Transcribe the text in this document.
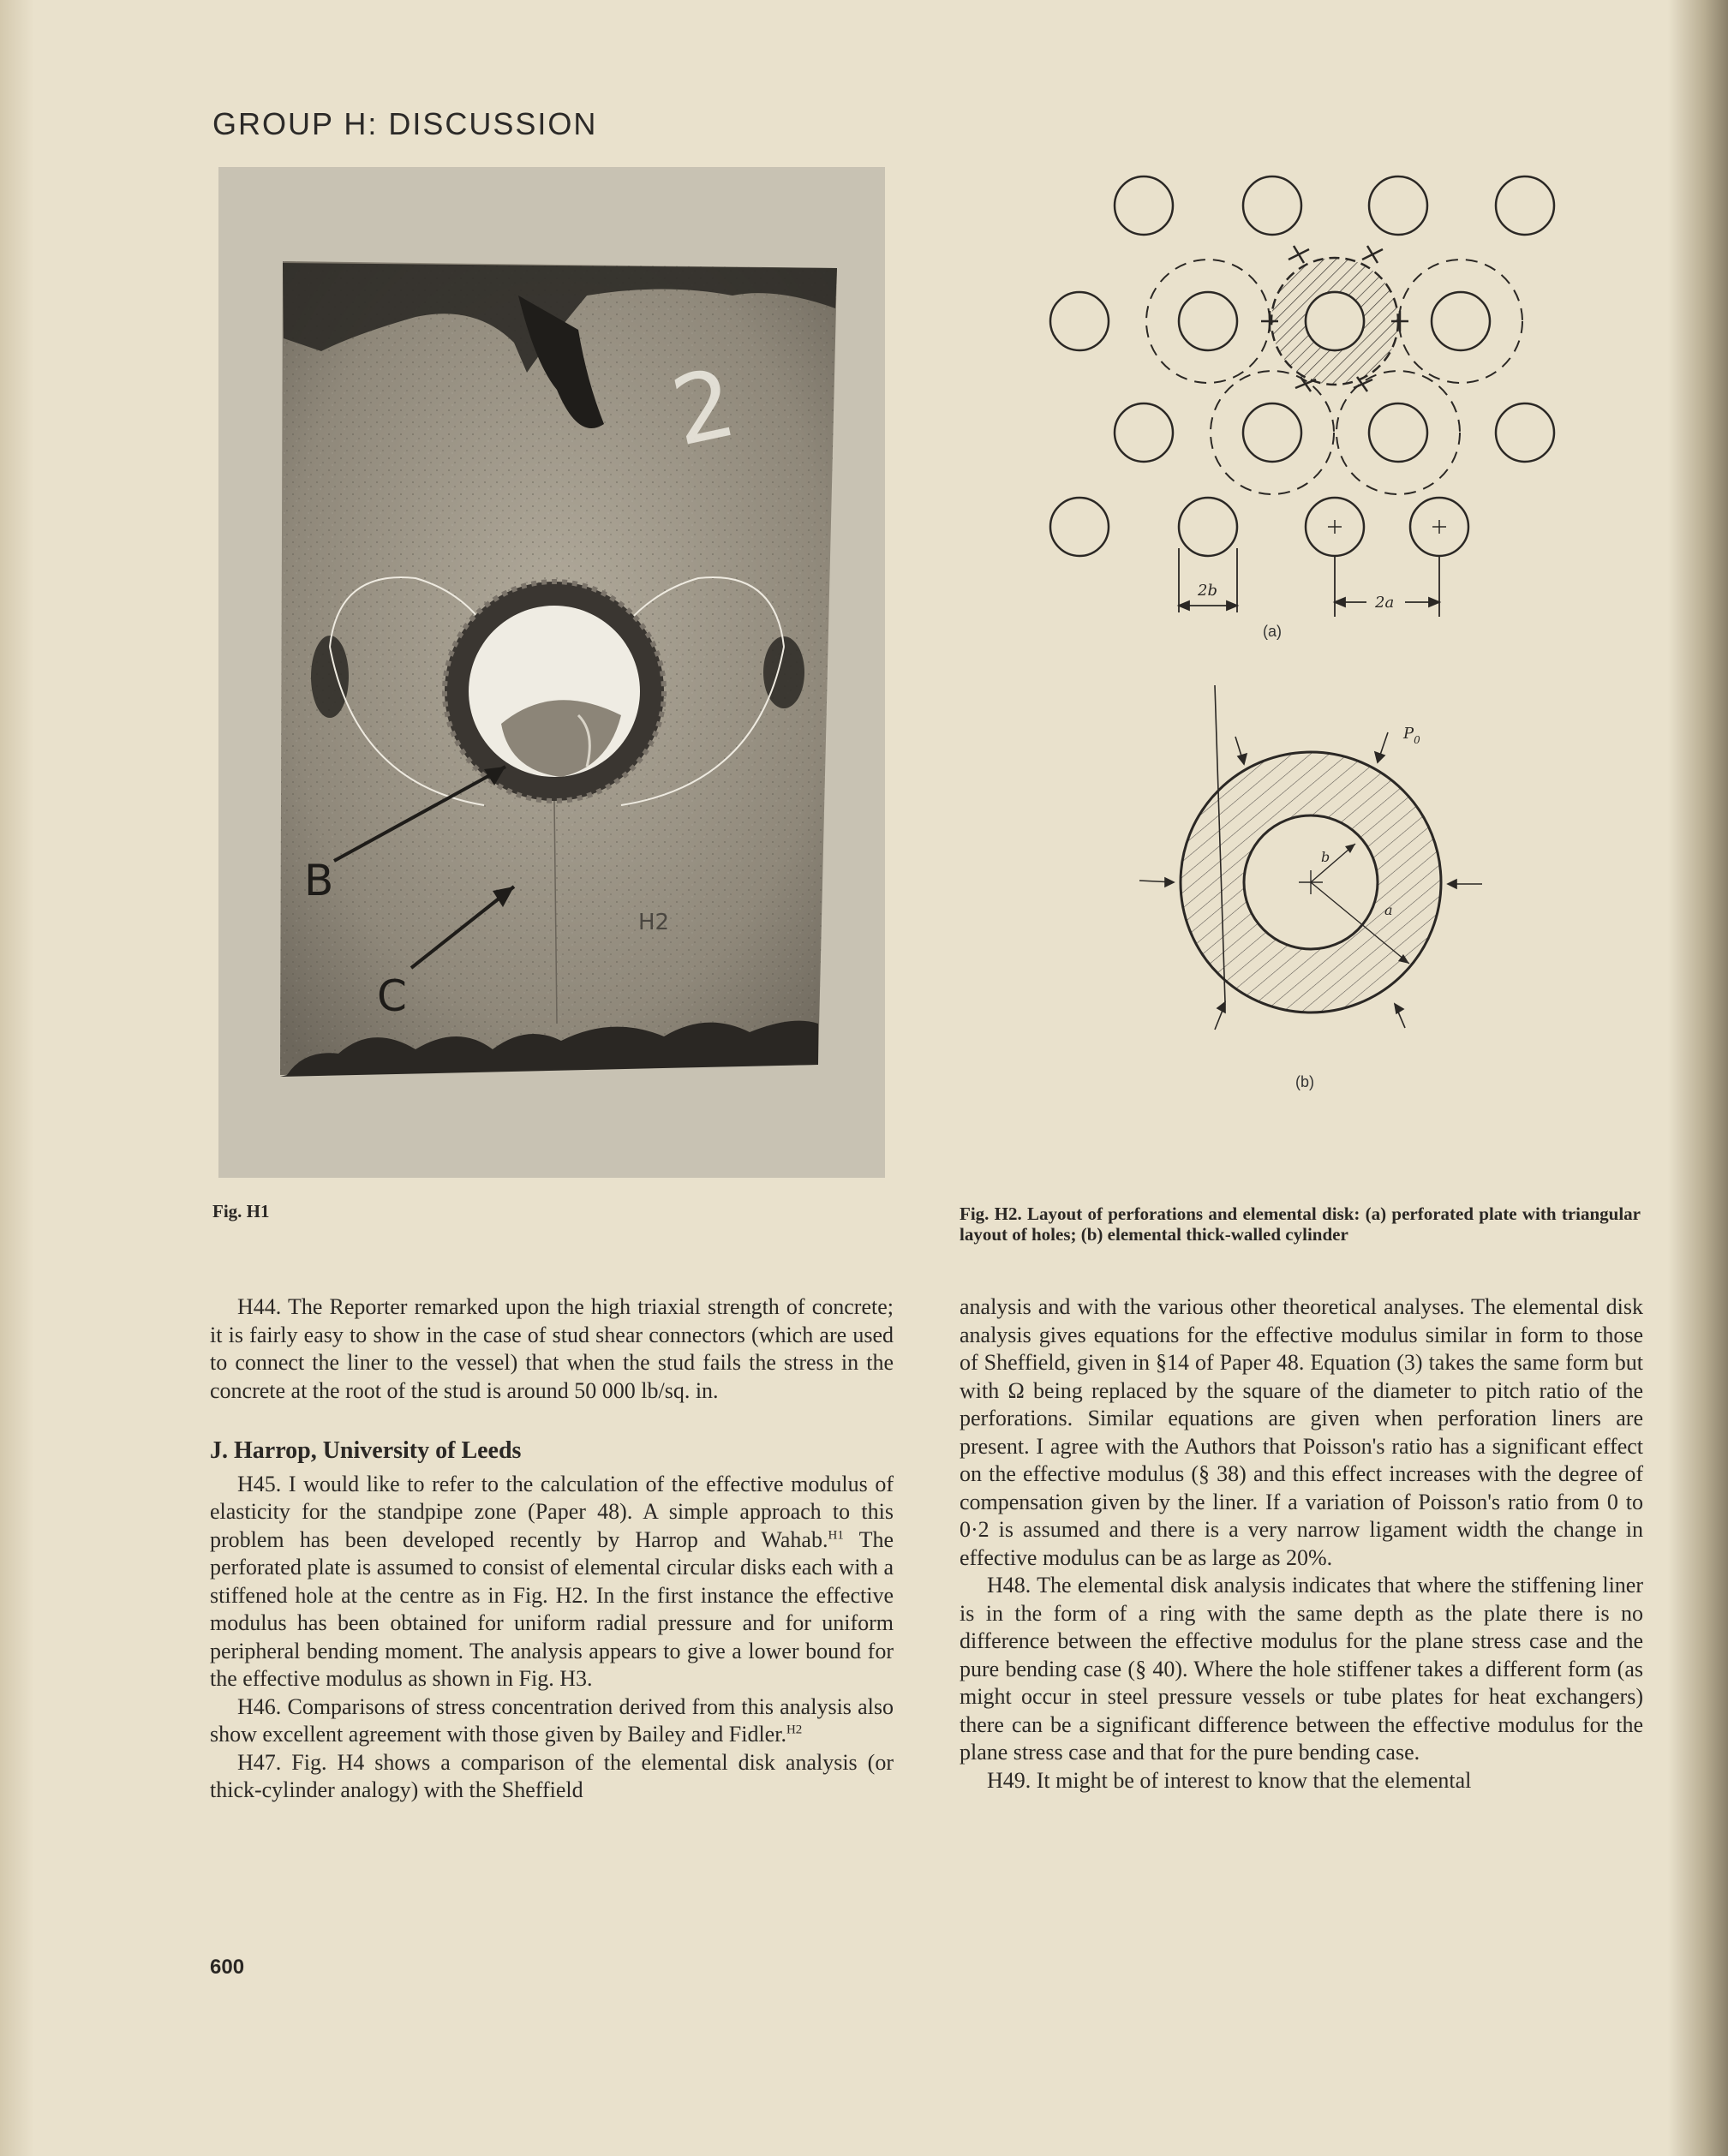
GROUP H: DISCUSSION
2
H2
B
C
Fig. H1
2b
2a
(a)
b
a
$P_0$
(b)
Fig. H2. Layout of perforations and elemental disk: (a) perforated plate with triangular layout of holes; (b) elemental thick-walled cylinder

H44. The Reporter remarked upon the high triaxial strength of concrete; it is fairly easy to show in the case of stud shear connectors (which are used to connect the liner to the vessel) that when the stud fails the stress in the concrete at the root of the stud is around 50 000 lb/sq. in.

J. Harrop, University of Leeds

H45. I would like to refer to the calculation of the effective modulus of elasticity for the standpipe zone (Paper 48). A simple approach to this problem has been developed recently by Harrop and Wahab.$^{H1}$ The perforated plate is assumed to consist of elemental circular disks each with a stiffened hole at the centre as in Fig. H2. In the first instance the effective modulus has been obtained for uniform radial pressure and for uniform peripheral bending moment. The analysis appears to give a lower bound for the effective modulus as shown in Fig. H3.

H46. Comparisons of stress concentration derived from this analysis also show excellent agreement with those given by Bailey and Fidler.$^{H2}$

H47. Fig. H4 shows a comparison of the elemental disk analysis (or thick-cylinder analogy) with the Sheffield

analysis and with the various other theoretical analyses. The elemental disk analysis gives equations for the effective modulus similar in form to those of Sheffield, given in §14 of Paper 48. Equation (3) takes the same form but with Ω being replaced by the square of the diameter to pitch ratio of the perforations. Similar equations are given when perforation liners are present. I agree with the Authors that Poisson's ratio has a significant effect on the effective modulus (§ 38) and this effect increases with the degree of compensation given by the liner. If a variation of Poisson's ratio from 0 to 0·2 is assumed and there is a very narrow ligament width the change in effective modulus can be as large as 20%.

H48. The elemental disk analysis indicates that where the stiffening liner is in the form of a ring with the same depth as the plate there is no difference between the effective modulus for the plane stress case and the pure bending case (§ 40). Where the hole stiffener takes a different form (as might occur in steel pressure vessels or tube plates for heat exchangers) there can be a significant difference between the effective modulus for the plane stress case and that for the pure bending case.

H49. It might be of interest to know that the elemental

600
